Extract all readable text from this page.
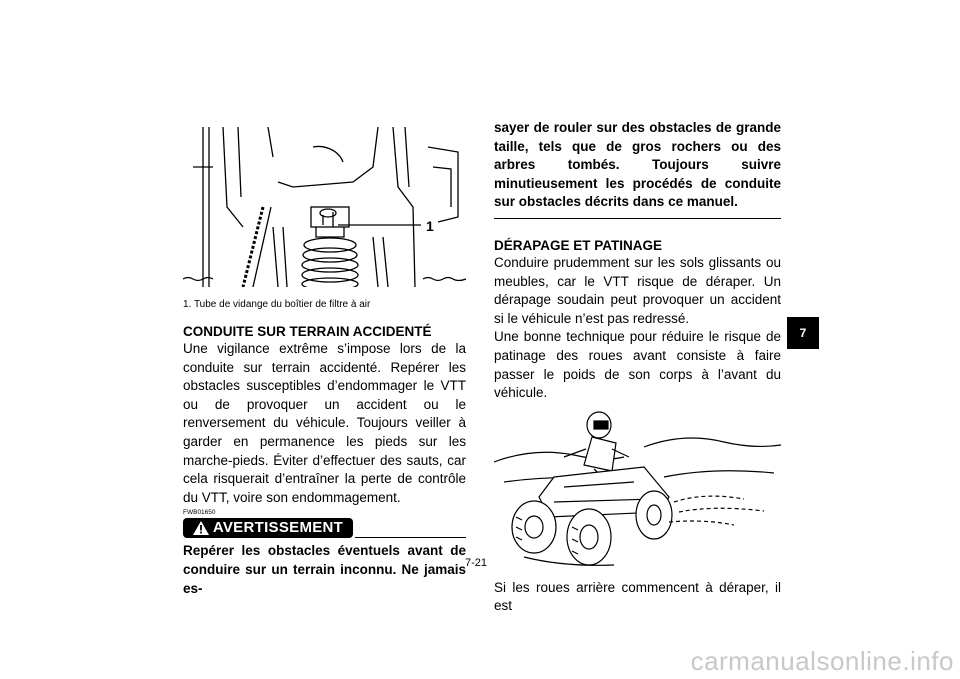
1
1. Tube de vidange du boîtier de filtre à air
CONDUITE SUR TERRAIN ACCIDENTÉ

Une vigilance extrême s’impose lors de la conduite sur terrain accidenté. Repérer les obstacles susceptibles d’endommager le VTT ou de provoquer un accident ou le renversement du véhicule. Toujours veiller à garder en permanence les pieds sur les marche-pieds. Éviter d’effectuer des sauts, car cela risquerait d’entraîner la perte de contrôle du VTT, voire son endommagement.

FWB01650
AVERTISSEMENT

Repérer les obstacles éventuels avant de conduire sur un terrain inconnu. Ne jamais es-

sayer de rouler sur des obstacles de grande taille, tels que de gros rochers ou des arbres tombés. Toujours suivre minutieusement les procédés de conduite sur obstacles décrits dans ce manuel.

DÉRAPAGE ET PATINAGE

Conduire prudemment sur les sols glissants ou meubles, car le VTT risque de déraper. Un dérapage soudain peut provoquer un accident si le véhicule n’est pas redressé.

Une bonne technique pour réduire le risque de patinage des roues avant consiste à faire passer le poids de son corps à l’avant du véhicule.

Si les roues arrière commencent à déraper, il est

7-21
7
carmanualsonline.info
